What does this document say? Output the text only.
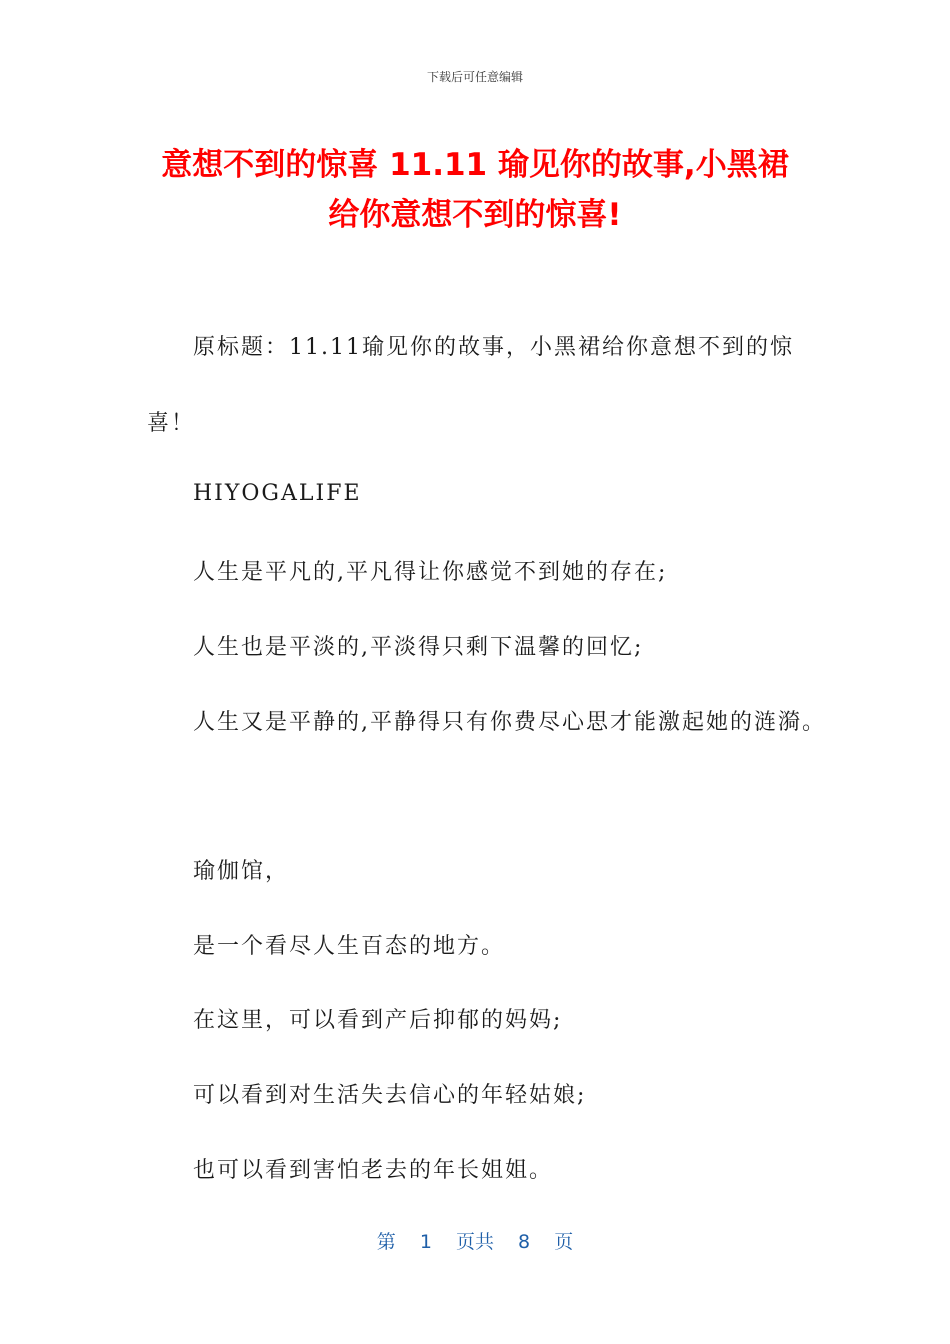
下载后可任意编辑
意想不到的惊喜 11.11 瑜见你的故事,小黑裙
给你意想不到的惊喜!

原标题：11.11瑜见你的故事，小黑裙给你意想不到的惊

喜！

HIYOGALIFE

人生是平凡的,平凡得让你感觉不到她的存在;

人生也是平淡的,平淡得只剩下温馨的回忆;

人生又是平静的,平静得只有你费尽心思才能激起她的涟漪。

瑜伽馆，

是一个看尽人生百态的地方。

在这里，可以看到产后抑郁的妈妈;

可以看到对生活失去信心的年轻姑娘;

也可以看到害怕老去的年长姐姐。

第 1 页共 8 页
